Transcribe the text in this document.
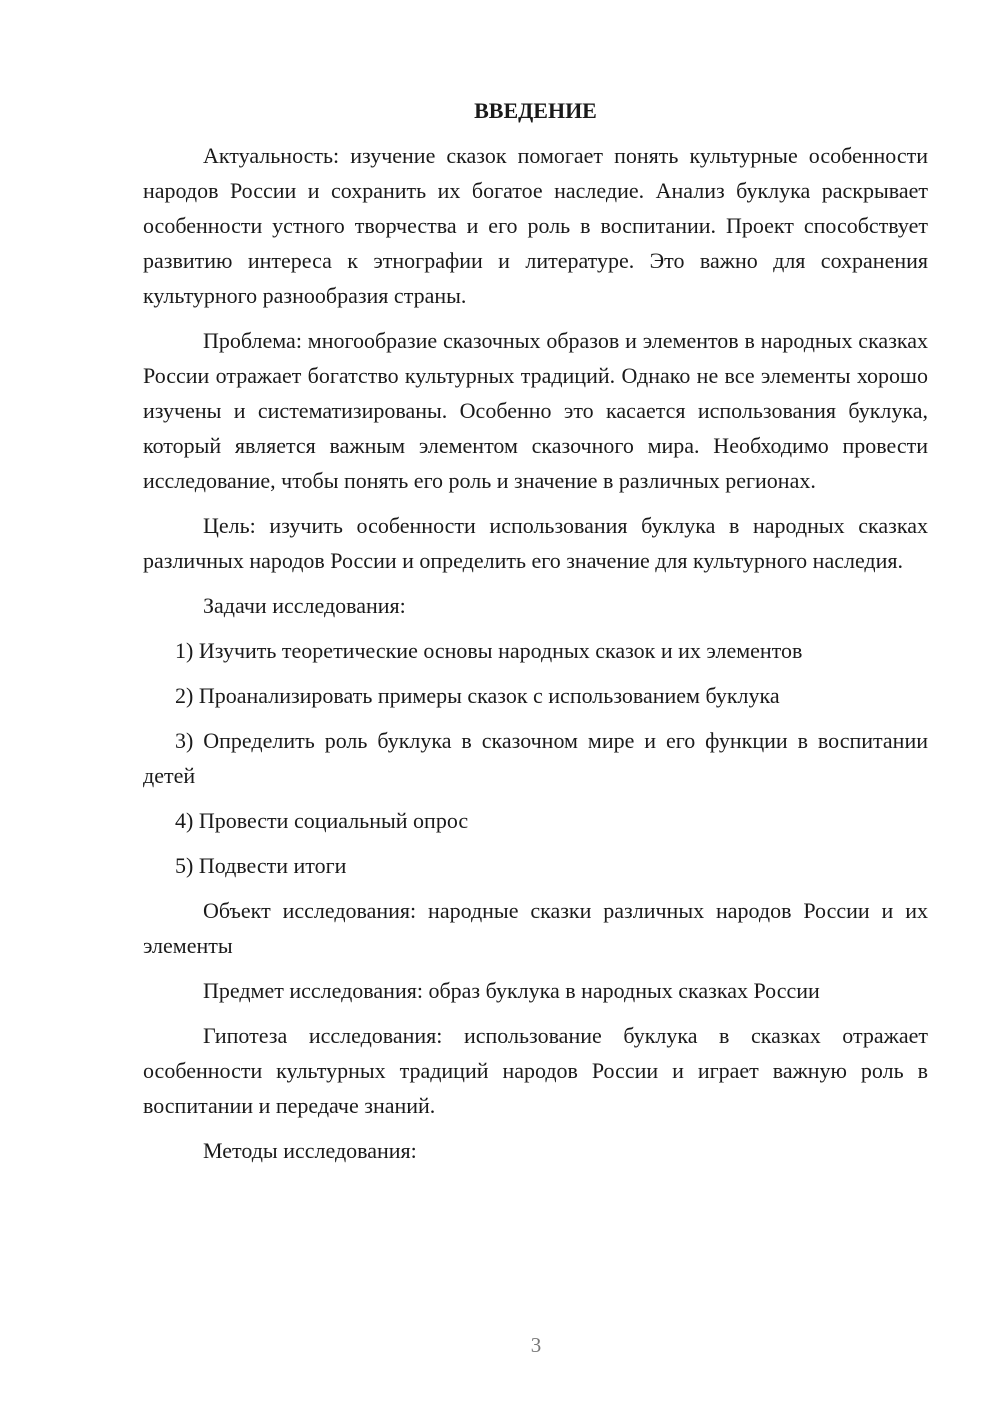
ВВЕДЕНИЕ

Актуальность: изучение сказок помогает понять культурные особенности народов России и сохранить их богатое наследие. Анализ буклука раскрывает особенности устного творчества и его роль в воспитании. Проект способствует развитию интереса к этнографии и литературе. Это важно для сохранения культурного разнообразия страны.

Проблема: многообразие сказочных образов и элементов в народных сказках России отражает богатство культурных традиций. Однако не все элементы хорошо изучены и систематизированы. Особенно это касается использования буклука, который является важным элементом сказочного мира. Необходимо провести исследование, чтобы понять его роль и значение в различных регионах.

Цель: изучить особенности использования буклука в народных сказках различных народов России и определить его значение для культурного наследия.

Задачи исследования:

1) Изучить теоретические основы народных сказок и их элементов

2) Проанализировать примеры сказок с использованием буклука

3) Определить роль буклука в сказочном мире и его функции в воспитании детей

4) Провести социальный опрос

5) Подвести итоги

Объект исследования: народные сказки различных народов России и их элементы

Предмет исследования: образ буклука в народных сказках России

Гипотеза исследования: использование буклука в сказках отражает особенности культурных традиций народов России и играет важную роль в воспитании и передаче знаний.

Методы исследования:

3
